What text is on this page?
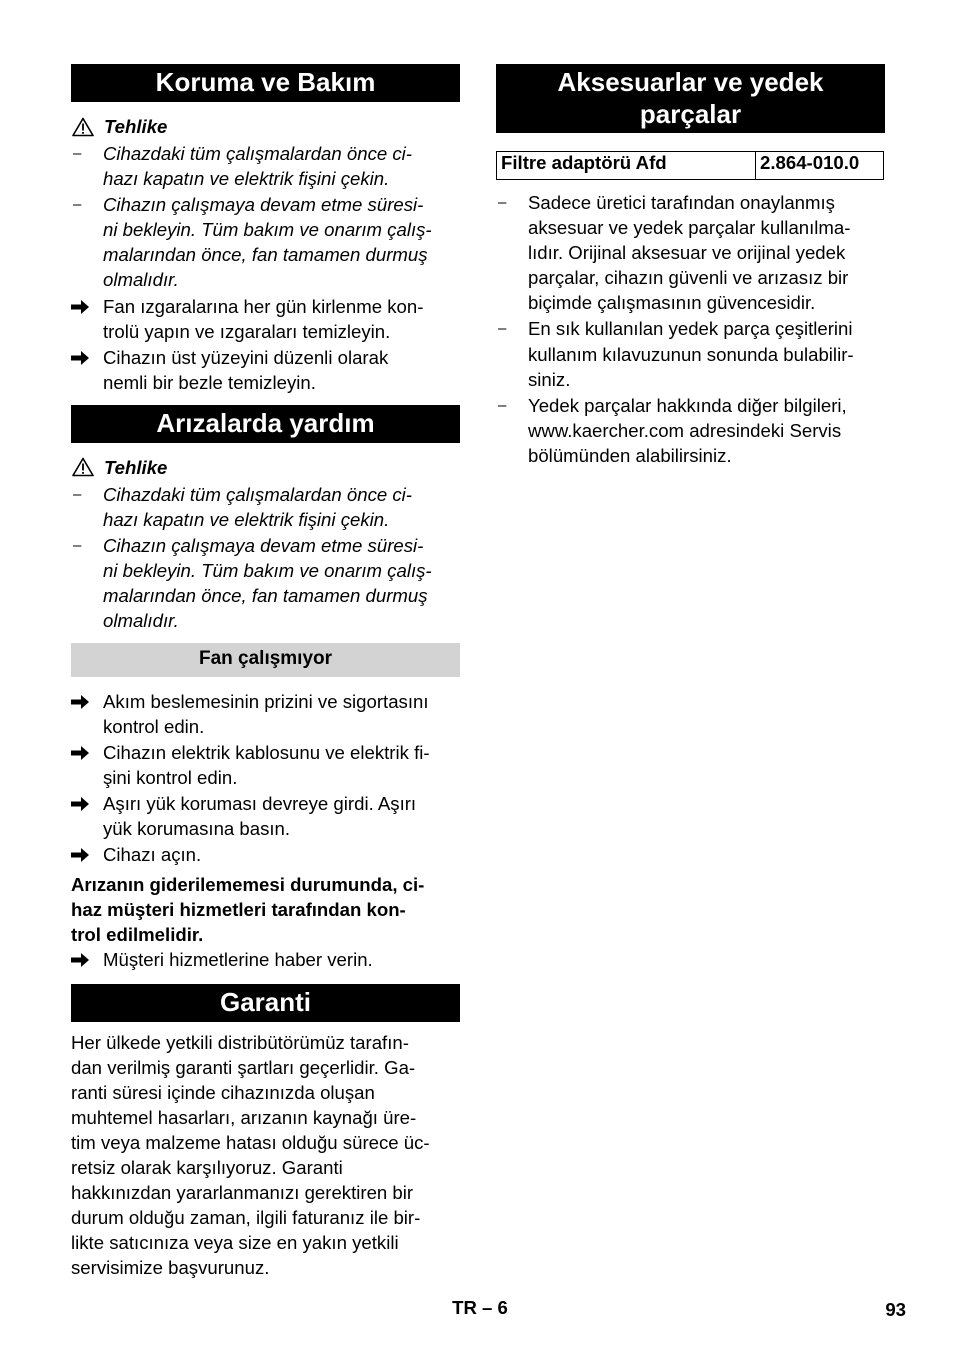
Koruma ve Bakım
Tehlike
–	Cihazdaki tüm çalışmalardan önce ci-
hazı kapatın ve elektrik fişini çekin.
–	Cihazın çalışmaya devam etme süresi-
ni bekleyin. Tüm bakım ve onarım çalış-
malarından önce, fan tamamen durmuş
olmalıdır.
Fan ızgaralarına her gün kirlenme kon-
trolü yapın ve ızgaraları temizleyin.
Cihazın üst yüzeyini düzenli olarak
nemli bir bezle temizleyin.
Arızalarda yardım
Tehlike
–	Cihazdaki tüm çalışmalardan önce ci-
hazı kapatın ve elektrik fişini çekin.
–	Cihazın çalışmaya devam etme süresi-
ni bekleyin. Tüm bakım ve onarım çalış-
malarından önce, fan tamamen durmuş
olmalıdır.
Fan çalışmıyor
Akım beslemesinin prizini ve sigortasını
kontrol edin.
Cihazın elektrik kablosunu ve elektrik fi-
şini kontrol edin.
Aşırı yük koruması devreye girdi. Aşırı
yük korumasına basın.
Cihazı açın.
Arızanın giderilememesi durumunda, ci-
haz müşteri hizmetleri tarafından kon-
trol edilmelidir.
Müşteri hizmetlerine haber verin.
Garanti
Her ülkede yetkili distribütörümüz tarafın-
dan verilmiş garanti şartları geçerlidir. Ga-
ranti süresi içinde cihazınızda oluşan
muhtemel hasarları, arızanın kaynağı üre-
tim veya malzeme hatası olduğu sürece üc-
retsiz olarak karşılıyoruz. Garanti
hakkınızdan yararlanmanızı gerektiren bir
durum olduğu zaman, ilgili faturanız ile bir-
likte satıcınıza veya size en yakın yetkili
servisimize başvurunuz.
Aksesuarlar ve yedek
parçalar
Filtre adaptörü Afd	2.864-010.0
–	Sadece üretici tarafından onaylanmış
aksesuar ve yedek parçalar kullanılma-
lıdır. Orijinal aksesuar ve orijinal yedek
parçalar, cihazın güvenli ve arızasız bir
biçimde çalışmasının güvencesidir.
–	En sık kullanılan yedek parça çeşitlerini
kullanım kılavuzunun sonunda bulabilir-
siniz.
–	Yedek parçalar hakkında diğer bilgileri,
www.kaercher.com adresindeki Servis
bölümünden alabilirsiniz.
TR – 6	93
